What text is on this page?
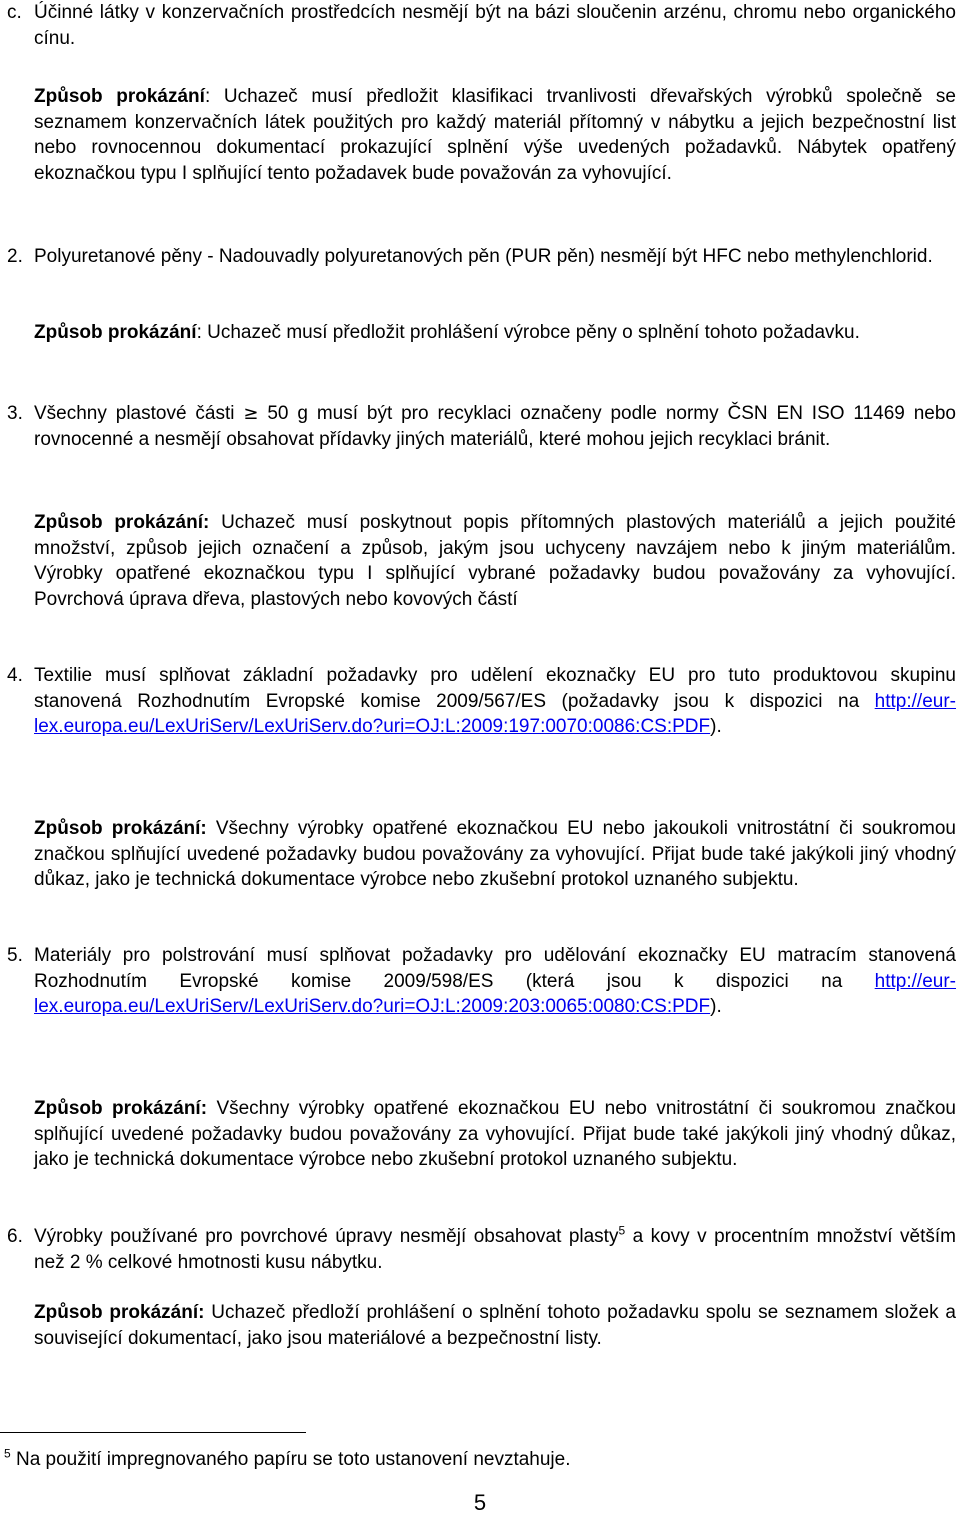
c. Účinné látky v konzervačních prostředcích nesmějí být na bázi sloučenin arzénu, chromu nebo organického cínu.
Způsob prokázání: Uchazeč musí předložit klasifikaci trvanlivosti dřevařských výrobků společně se seznamem konzervačních látek použitých pro každý materiál přítomný v nábytku a jejich bezpečnostní list nebo rovnocennou dokumentací prokazující splnění výše uvedených požadavků. Nábytek opatřený ekoznačkou typu I splňující tento požadavek bude považován za vyhovující.
2. Polyuretanové pěny - Nadouvadly polyuretanových pěn (PUR pěn) nesmějí být HFC nebo methylenchlorid.
Způsob prokázání: Uchazeč musí předložit prohlášení výrobce pěny o splnění tohoto požadavku.
3. Všechny plastové části ≥ 50 g musí být pro recyklaci označeny podle normy ČSN EN ISO 11469 nebo rovnocenné a nesmějí obsahovat přídavky jiných materiálů, které mohou jejich recyklaci bránit.
Způsob prokázání: Uchazeč musí poskytnout popis přítomných plastových materiálů a jejich použité množství, způsob jejich označení a způsob, jakým jsou uchyceny navzájem nebo k jiným materiálům. Výrobky opatřené ekoznačkou typu I splňující vybrané požadavky budou považovány za vyhovující. Povrchová úprava dřeva, plastových nebo kovových částí
4. Textilie musí splňovat základní požadavky pro udělení ekoznačky EU pro tuto produktovou skupinu stanovená Rozhodnutím Evropské komise 2009/567/ES (požadavky jsou k dispozici na http://eur-lex.europa.eu/LexUriServ/LexUriServ.do?uri=OJ:L:2009:197:0070:0086:CS:PDF).
Způsob prokázání: Všechny výrobky opatřené ekoznačkou EU nebo jakoukoli vnitrostátní či soukromou značkou splňující uvedené požadavky budou považovány za vyhovující. Přijat bude také jakýkoli jiný vhodný důkaz, jako je technická dokumentace výrobce nebo zkušební protokol uznaného subjektu.
5. Materiály pro polstrování musí splňovat požadavky pro udělování ekoznačky EU matracím stanovená Rozhodnutím Evropské komise 2009/598/ES (která jsou k dispozici na http://eur-lex.europa.eu/LexUriServ/LexUriServ.do?uri=OJ:L:2009:203:0065:0080:CS:PDF).
Způsob prokázání: Všechny výrobky opatřené ekoznačkou EU nebo vnitrostátní či soukromou značkou splňující uvedené požadavky budou považovány za vyhovující. Přijat bude také jakýkoli jiný vhodný důkaz, jako je technická dokumentace výrobce nebo zkušební protokol uznaného subjektu.
6. Výrobky používané pro povrchové úpravy nesmějí obsahovat plasty$^5$ a kovy v procentním množství větším než 2 % celkové hmotnosti kusu nábytku.
Způsob prokázání: Uchazeč předloží prohlášení o splnění tohoto požadavku spolu se seznamem složek a související dokumentací, jako jsou materiálové a bezpečnostní listy.
$^5$ Na použití impregnovaného papíru se toto ustanovení nevztahuje.
5
